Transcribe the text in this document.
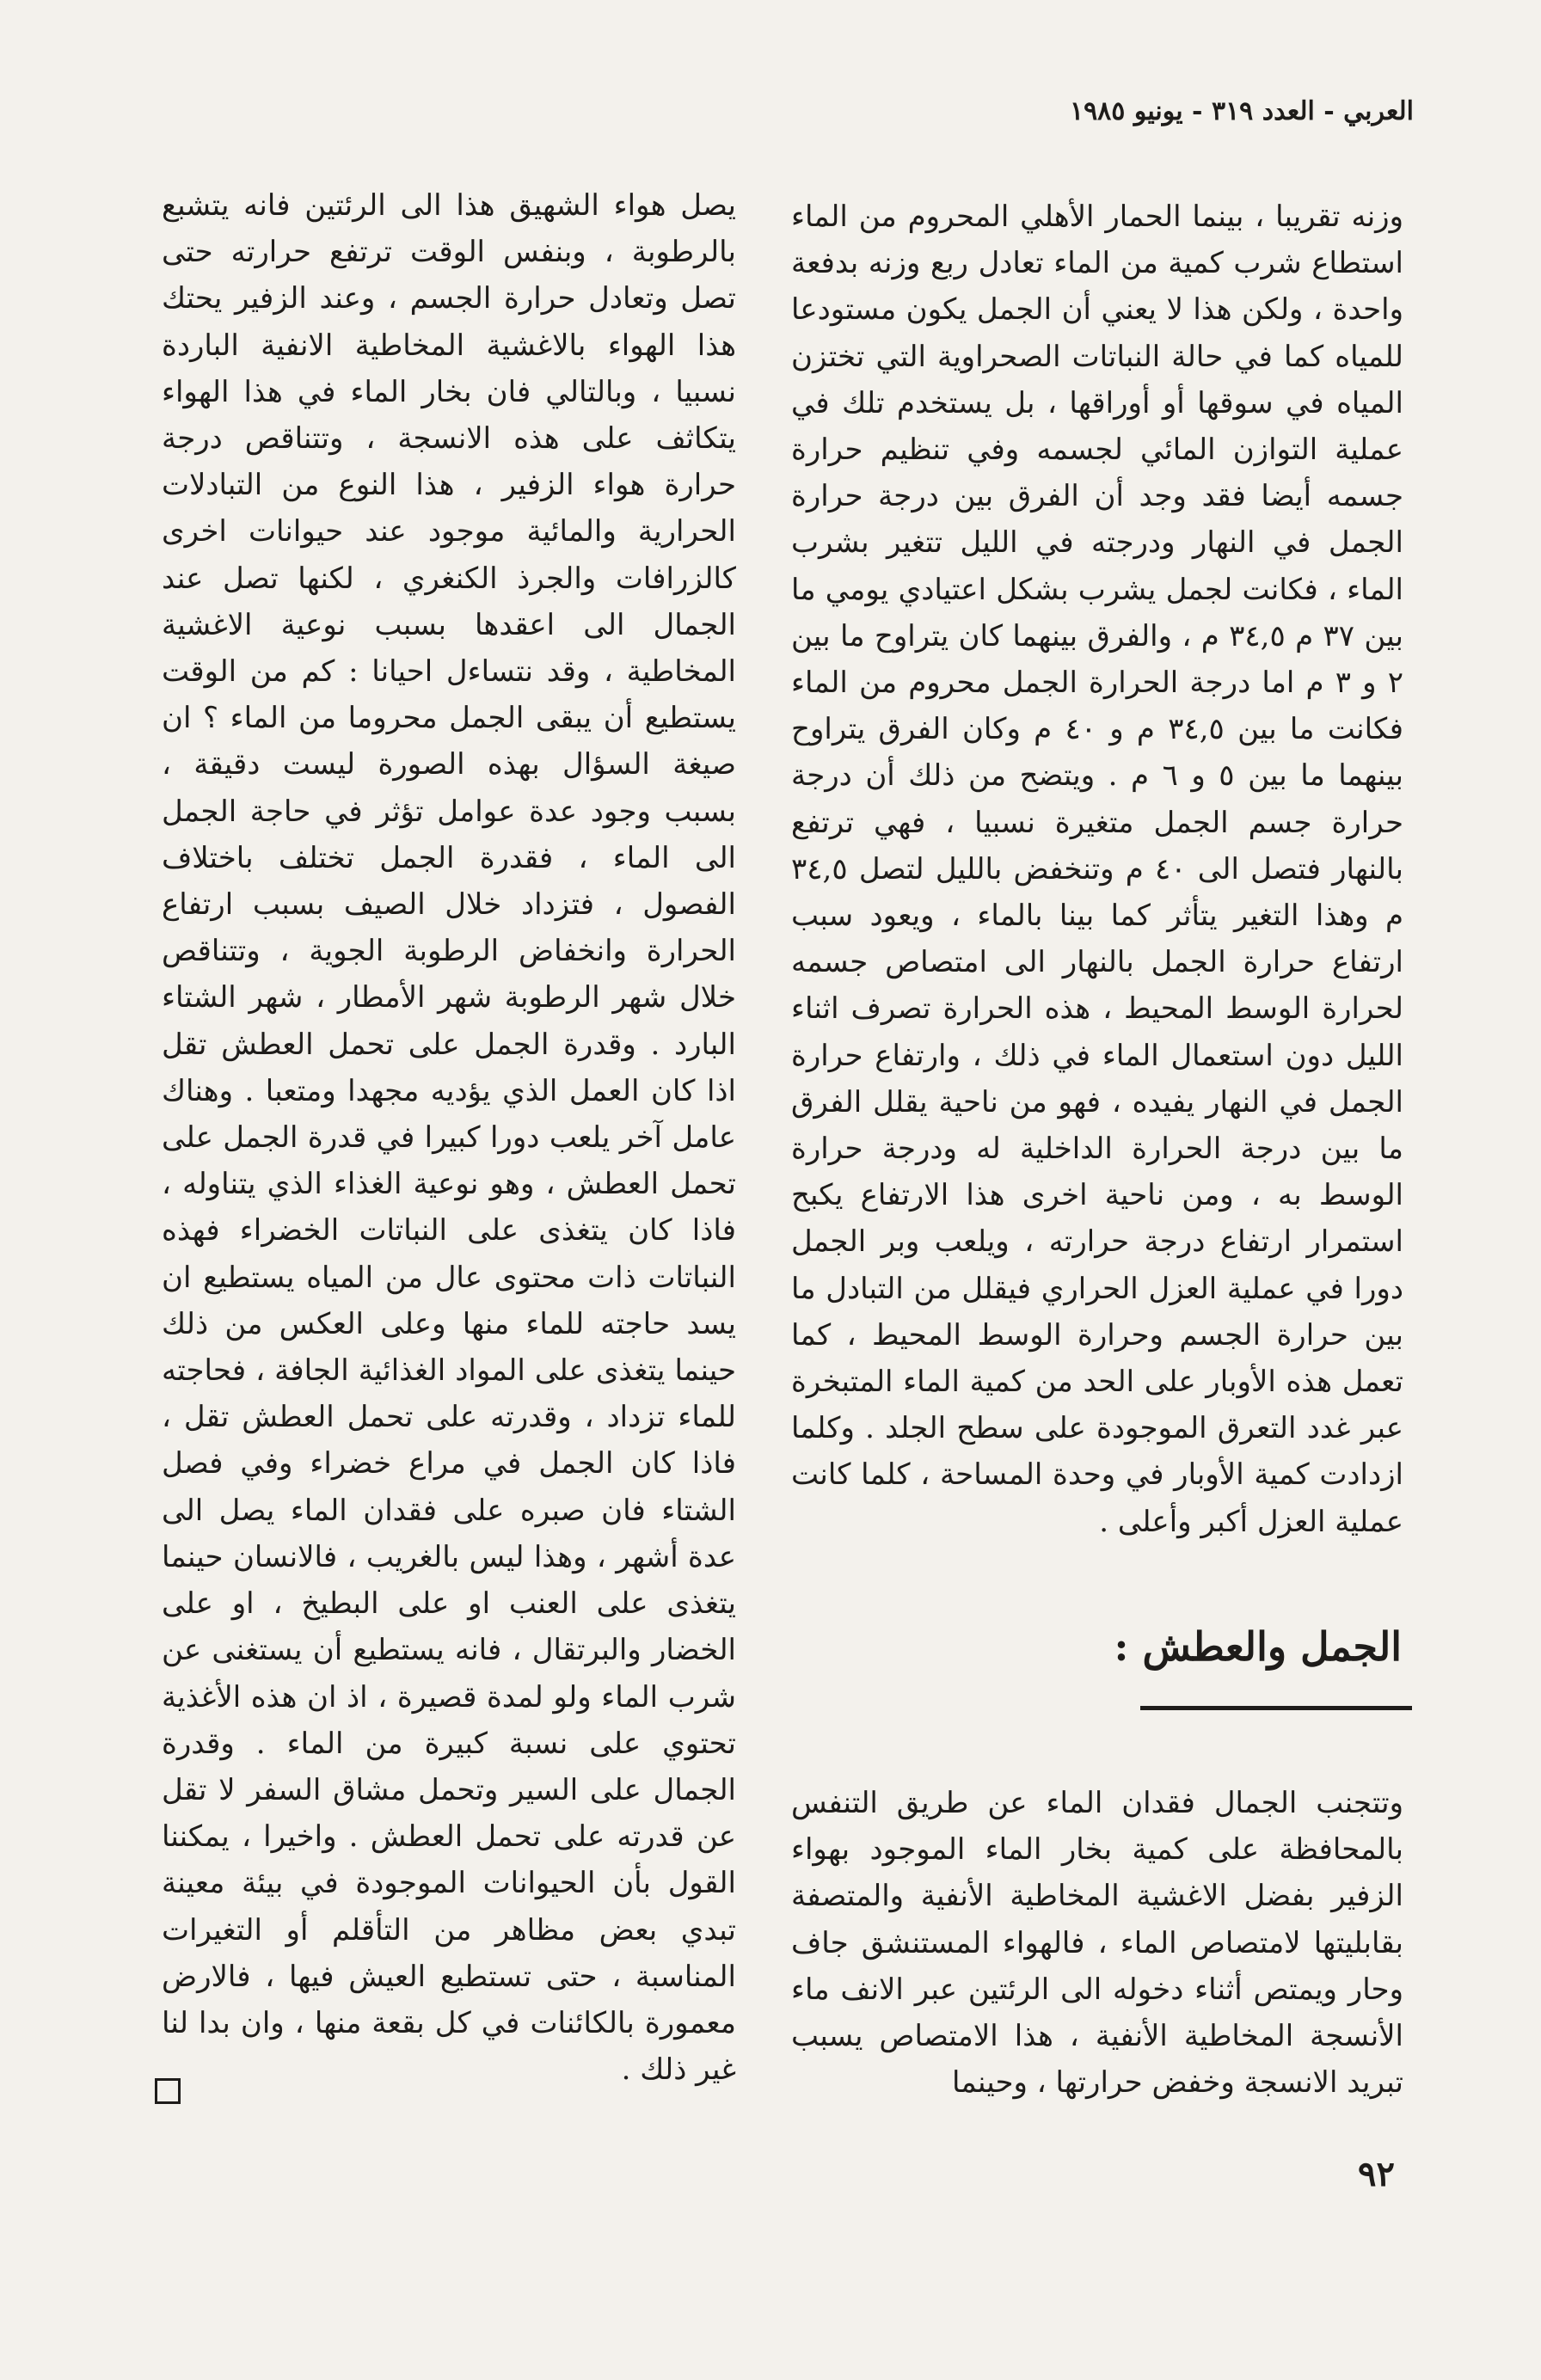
العربي - العدد ٣١٩ - يونيو ١٩٨٥

وزنه تقريبا ، بينما الحمار الأهلي المحروم من الماء استطاع شرب كمية من الماء تعادل ربع وزنه بدفعة واحدة ، ولكن هذا لا يعني أن الجمل يكون مستودعا للمياه كما في حالة النباتات الصحراوية التي تختزن المياه في سوقها أو أوراقها ، بل يستخدم تلك في عملية التوازن المائي لجسمه وفي تنظيم حرارة جسمه أيضا فقد وجد أن الفرق بين درجة حرارة الجمل في النهار ودرجته في الليل تتغير بشرب الماء ، فكانت لجمل يشرب بشكل اعتيادي يومي ما بين ٣٧ م ٣٤,٥ م ، والفرق بينهما كان يتراوح ما بين ٢ و ٣ م اما درجة الحرارة الجمل محروم من الماء فكانت ما بين ٣٤,٥ م و ٤٠ م وكان الفرق يتراوح بينهما ما بين ٥ و ٦ م . ويتضح من ذلك أن درجة حرارة جسم الجمل متغيرة نسبيا ، فهي ترتفع بالنهار فتصل الى ٤٠ م وتنخفض بالليل لتصل ٣٤,٥ م وهذا التغير يتأثر كما بينا بالماء ، ويعود سبب ارتفاع حرارة الجمل بالنهار الى امتصاص جسمه لحرارة الوسط المحيط ، هذه الحرارة تصرف اثناء الليل دون استعمال الماء في ذلك ، وارتفاع حرارة الجمل في النهار يفيده ، فهو من ناحية يقلل الفرق ما بين درجة الحرارة الداخلية له ودرجة حرارة الوسط به ، ومن ناحية اخرى هذا الارتفاع يكبح استمرار ارتفاع درجة حرارته ، ويلعب وبر الجمل دورا في عملية العزل الحراري فيقلل من التبادل ما بين حرارة الجسم وحرارة الوسط المحيط ، كما تعمل هذه الأوبار على الحد من كمية الماء المتبخرة عبر غدد التعرق الموجودة على سطح الجلد . وكلما ازدادت كمية الأوبار في وحدة المساحة ، كلما كانت عملية العزل أكبر وأعلى .

الجمل والعطش :

وتتجنب الجمال فقدان الماء عن طريق التنفس بالمحافظة على كمية بخار الماء الموجود بهواء الزفير بفضل الاغشية المخاطية الأنفية والمتصفة بقابليتها لامتصاص الماء ، فالهواء المستنشق جاف وحار ويمتص أثناء دخوله الى الرئتين عبر الانف ماء الأنسجة المخاطية الأنفية ، هذا الامتصاص يسبب تبريد الانسجة وخفض حرارتها ، وحينما

يصل هواء الشهيق هذا الى الرئتين فانه يتشبع بالرطوبة ، وبنفس الوقت ترتفع حرارته حتى تصل وتعادل حرارة الجسم ، وعند الزفير يحتك هذا الهواء بالاغشية المخاطية الانفية الباردة نسبيا ، وبالتالي فان بخار الماء في هذا الهواء يتكاثف على هذه الانسجة ، وتتناقص درجة حرارة هواء الزفير ، هذا النوع من التبادلات الحرارية والمائية موجود عند حيوانات اخرى كالزرافات والجرذ الكنغري ، لكنها تصل عند الجمال الى اعقدها بسبب نوعية الاغشية المخاطية ، وقد نتساءل احيانا : كم من الوقت يستطيع أن يبقى الجمل محروما من الماء ؟ ان صيغة السؤال بهذه الصورة ليست دقيقة ، بسبب وجود عدة عوامل تؤثر في حاجة الجمل الى الماء ، فقدرة الجمل تختلف باختلاف الفصول ، فتزداد خلال الصيف بسبب ارتفاع الحرارة وانخفاض الرطوبة الجوية ، وتتناقص خلال شهر الرطوبة شهر الأمطار ، شهر الشتاء البارد . وقدرة الجمل على تحمل العطش تقل اذا كان العمل الذي يؤديه مجهدا ومتعبا . وهناك عامل آخر يلعب دورا كبيرا في قدرة الجمل على تحمل العطش ، وهو نوعية الغذاء الذي يتناوله ، فاذا كان يتغذى على النباتات الخضراء فهذه النباتات ذات محتوى عال من المياه يستطيع ان يسد حاجته للماء منها وعلى العكس من ذلك حينما يتغذى على المواد الغذائية الجافة ، فحاجته للماء تزداد ، وقدرته على تحمل العطش تقل ، فاذا كان الجمل في مراع خضراء وفي فصل الشتاء فان صبره على فقدان الماء يصل الى عدة أشهر ، وهذا ليس بالغريب ، فالانسان حينما يتغذى على العنب او على البطيخ ، او على الخضار والبرتقال ، فانه يستطيع أن يستغنى عن شرب الماء ولو لمدة قصيرة ، اذ ان هذه الأغذية تحتوي على نسبة كبيرة من الماء . وقدرة الجمال على السير وتحمل مشاق السفر لا تقل عن قدرته على تحمل العطش . واخيرا ، يمكننا القول بأن الحيوانات الموجودة في بيئة معينة تبدي بعض مظاهر من التأقلم أو التغيرات المناسبة ، حتى تستطيع العيش فيها ، فالارض معمورة بالكائنات في كل بقعة منها ، وان بدا لنا غير ذلك .

٩٢
